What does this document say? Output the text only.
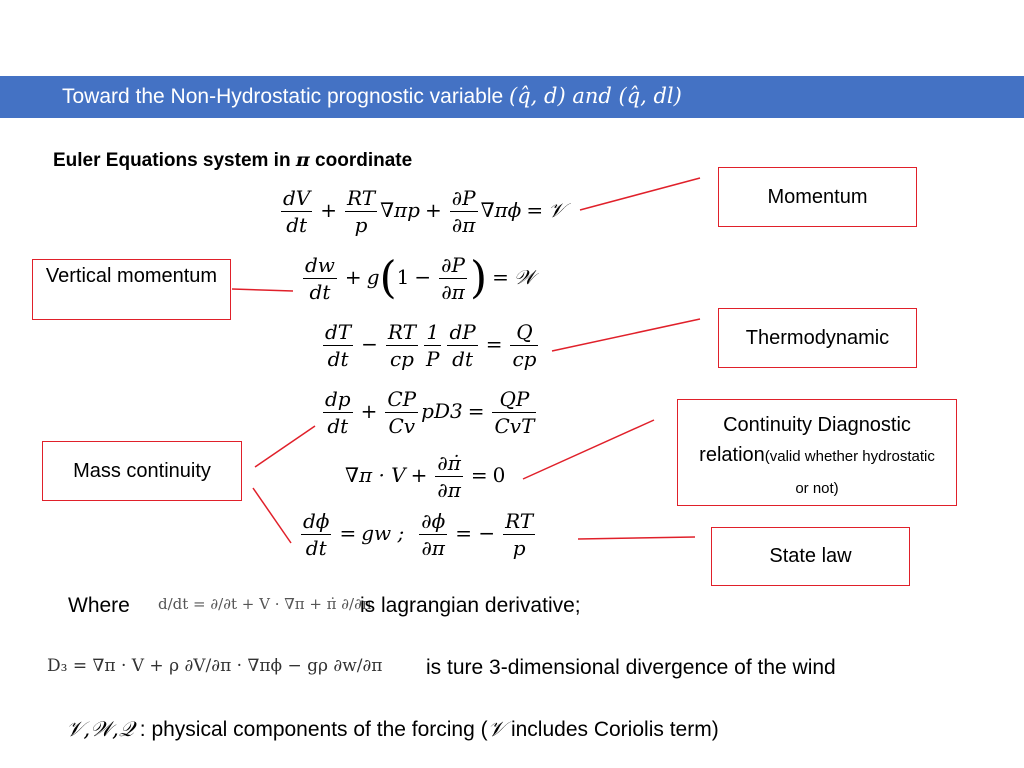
Toward the Non-Hydrostatic prognostic variable (q̂, d) and (q̂, dl)
Euler Equations system in π coordinate
$\frac{dV}{dt} + \frac{RT}{p} \nabla\pi p + \frac{\partial P}{\partial\pi} \nabla\pi\phi$ = 𝒱
$\frac{dw}{dt} + g(1 - \frac{\partial P}{\partial\pi}$ ) = 𝒲
$\frac{dT}{dt} - \frac{RT}{cp} \frac{1}{P} \frac{dP}{dt} = \frac{Q}{cp}$
$\frac{dp}{dt} + \frac{CP}{Cv} pD3 = \frac{QP}{\text{CvT}}$
$\nabla\pi \cdot V + \frac{\partial\pi̇}{\partial\pi} = 0$
$\frac{d\phi}{dt}$ = gw ; $\frac{\partial\phi}{\partial\pi}$ = − $\frac{RT}{p}$
Momentum
Vertical momentum
Thermodynamic
Mass continuity
Continuity Diagnostic relation(valid whether hydrostatic or not)
State law
Where d/dt = ∂/∂t + V · ∇π + π̇ ∂/∂π
is lagrangian derivative;
D₃ = ∇π · V + ρ ∂V/∂π · ∇πϕ − gρ ∂w/∂π is ture 3-dimensional divergence of the wind
𝒱,𝒲,𝒬 : physical components of the forcing (𝒱 includes Coriolis term)
